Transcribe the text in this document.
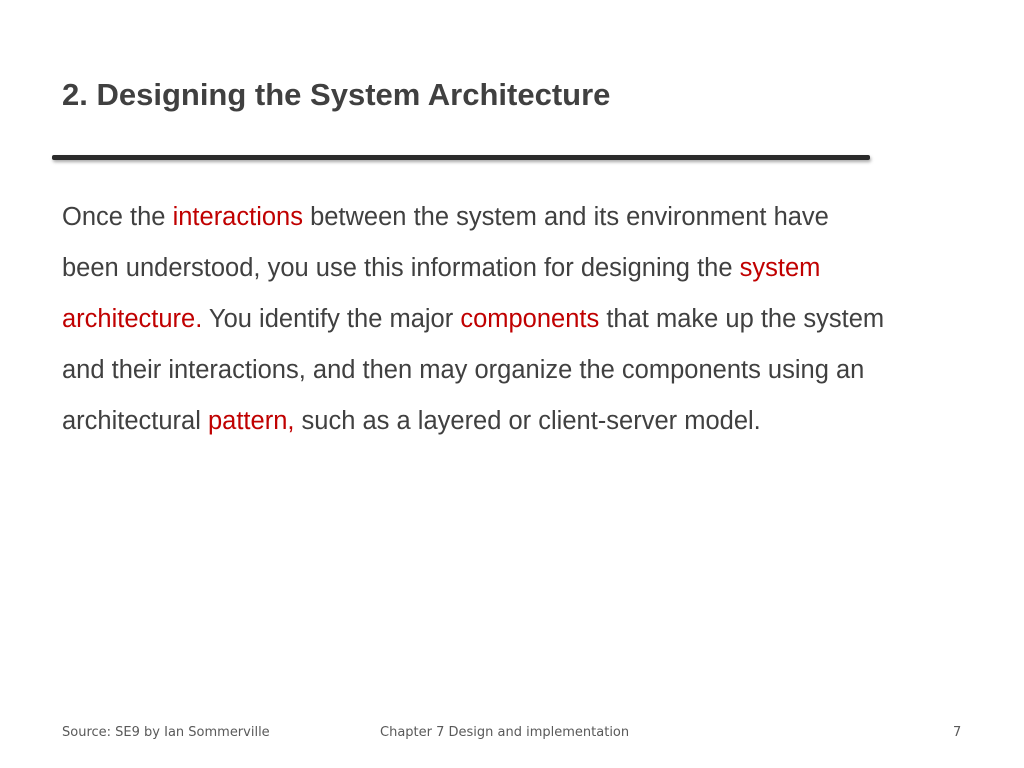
2. Designing the System Architecture
Once the interactions between the system and its environment have
been understood, you use this information for designing the system
architecture. You identify the major components that make up the system
and their interactions, and then may organize the components using an
architectural pattern, such as a layered or client-server model.
Source: SE9 by Ian Sommerville	Chapter 7 Design and implementation	7
